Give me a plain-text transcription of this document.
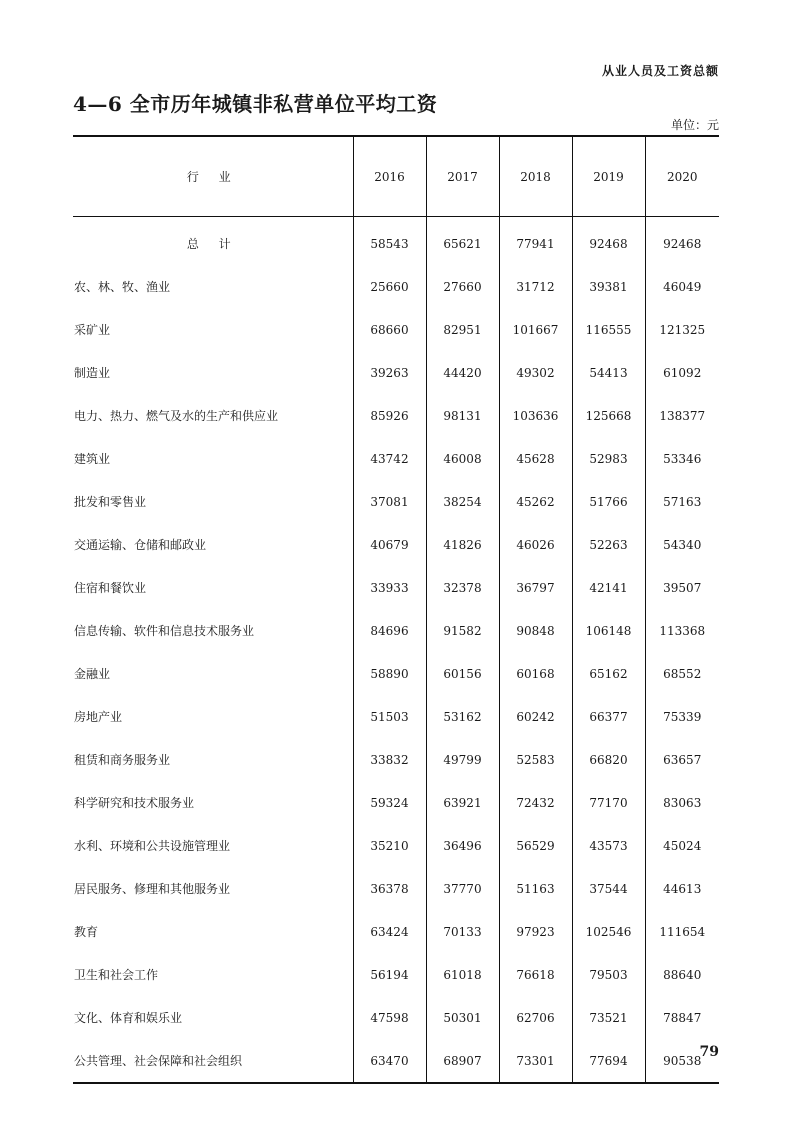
从业人员及工资总额
4—6 全市历年城镇非私营单位平均工资
单位：元
行 业	2016	2017	2018	2019	2020
总 计	58543	65621	77941	92468	92468
农、林、牧、渔业	25660	27660	31712	39381	46049
采矿业	68660	82951	101667	116555	121325
制造业	39263	44420	49302	54413	61092
电力、热力、燃气及水的生产和供应业	85926	98131	103636	125668	138377
建筑业	43742	46008	45628	52983	53346
批发和零售业	37081	38254	45262	51766	57163
交通运输、仓储和邮政业	40679	41826	46026	52263	54340
住宿和餐饮业	33933	32378	36797	42141	39507
信息传输、软件和信息技术服务业	84696	91582	90848	106148	113368
金融业	58890	60156	60168	65162	68552
房地产业	51503	53162	60242	66377	75339
租赁和商务服务业	33832	49799	52583	66820	63657
科学研究和技术服务业	59324	63921	72432	77170	83063
水利、环境和公共设施管理业	35210	36496	56529	43573	45024
居民服务、修理和其他服务业	36378	37770	51163	37544	44613
教育	63424	70133	97923	102546	111654
卫生和社会工作	56194	61018	76618	79503	88640
文化、体育和娱乐业	47598	50301	62706	73521	78847
公共管理、社会保障和社会组织	63470	68907	73301	77694	90538
79
